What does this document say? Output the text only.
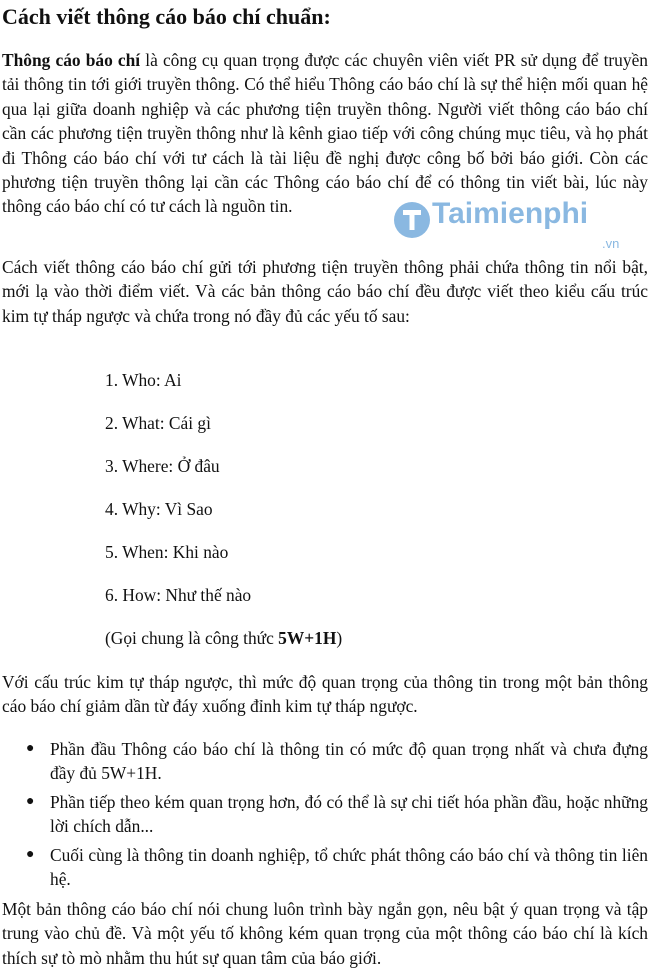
Cách viết thông cáo báo chí chuẩn:

Thông cáo báo chí là công cụ quan trọng được các chuyên viên viết PR sử dụng để truyền tải thông tin tới giới truyền thông. Có thể hiểu Thông cáo báo chí là sự thể hiện mối quan hệ qua lại giữa doanh nghiệp và các phương tiện truyền thông. Người viết thông cáo báo chí cần các phương tiện truyền thông như là kênh giao tiếp với công chúng mục tiêu, và họ phát đi Thông cáo báo chí với tư cách là tài liệu đề nghị được công bố bởi báo giới. Còn các phương tiện truyền thông lại cần các Thông cáo báo chí để có thông tin viết bài, lúc này thông cáo báo chí có tư cách là nguồn tin.	Taimienphi
.vn

Cách viết thông cáo báo chí gửi tới phương tiện truyền thông phải chứa thông tin nổi bật, mới lạ vào thời điểm viết. Và các bản thông cáo báo chí đều được viết theo kiểu cấu trúc kim tự tháp ngược và chứa trong nó đầy đủ các yếu tố sau:

1. Who: Ai

2. What: Cái gì

3. Where: Ở đâu

4. Why: Vì Sao

5. When: Khi nào

6. How: Như thế nào

(Gọi chung là công thức 5W+1H)

Với cấu trúc kim tự tháp ngược, thì mức độ quan trọng của thông tin trong một bản thông cáo báo chí giảm dần từ đáy xuống đỉnh kim tự tháp ngược.

● Phần đầu Thông cáo báo chí là thông tin có mức độ quan trọng nhất và chưa đựng đầy đủ 5W+1H.
● Phần tiếp theo kém quan trọng hơn, đó có thể là sự chi tiết hóa phần đầu, hoặc những lời chích dẫn...
● Cuối cùng là thông tin doanh nghiệp, tổ chức phát thông cáo báo chí và thông tin liên hệ.

Một bản thông cáo báo chí nói chung luôn trình bày ngắn gọn, nêu bật ý quan trọng và tập trung vào chủ đề. Và một yếu tố không kém quan trọng của một thông cáo báo chí là kích thích sự tò mò nhằm thu hút sự quan tâm của báo giới.
